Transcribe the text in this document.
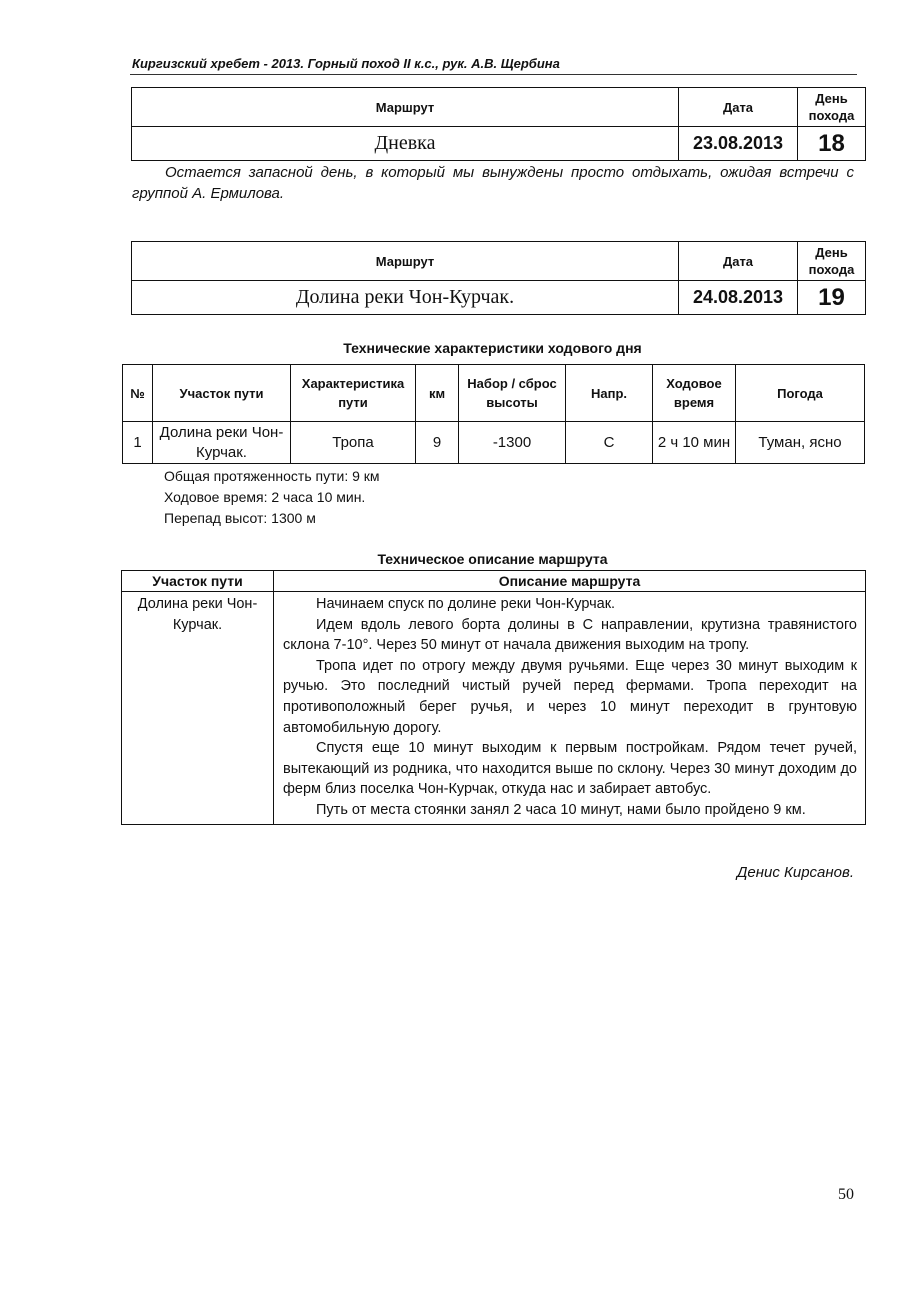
Киргизский хребет - 2013. Горный поход II к.с., рук. А.В. Щербина
Маршрут	Дата	День
похода
Дневка	23.08.2013	18
Остается запасной день, в который мы вынуждены просто отдыхать, ожидая встречи с группой А. Ермилова.
Маршрут	Дата	День
похода
Долина реки Чон-Курчак.	24.08.2013	19
Технические характеристики ходового дня
№	Участок пути	Характеристика пути	км	Набор / сброс высоты	Напр.	Ходовое время	Погода
1	Долина реки Чон-Курчак.	Тропа	9	-1300	С	2 ч 10 мин	Туман, ясно
Общая протяженность пути: 9 км
Ходовое время: 2 часа 10 мин.
Перепад высот: 1300 м
Техническое описание маршрута
Участок пути	Описание маршрута
Долина реки Чон-Курчак.	Начинаем спуск по долине реки Чон-Курчак.

Идем вдоль левого борта долины в С направлении, крутизна травянистого склона 7-10°. Через 50 минут от начала движения выходим на тропу.

Тропа идет по отрогу между двумя ручьями. Еще через 30 минут выходим к ручью. Это последний чистый ручей перед фермами. Тропа переходит на противоположный берег ручья, и через 10 минут переходит в грунтовую автомобильную дорогу.

Спустя еще 10 минут выходим к первым постройкам. Рядом течет ручей, вытекающий из родника, что находится выше по склону. Через 30 минут доходим до ферм близ поселка Чон-Курчак, откуда нас и забирает автобус.

Путь от места стоянки занял 2 часа 10 минут, нами было пройдено 9 км.

Денис Кирсанов.
50
